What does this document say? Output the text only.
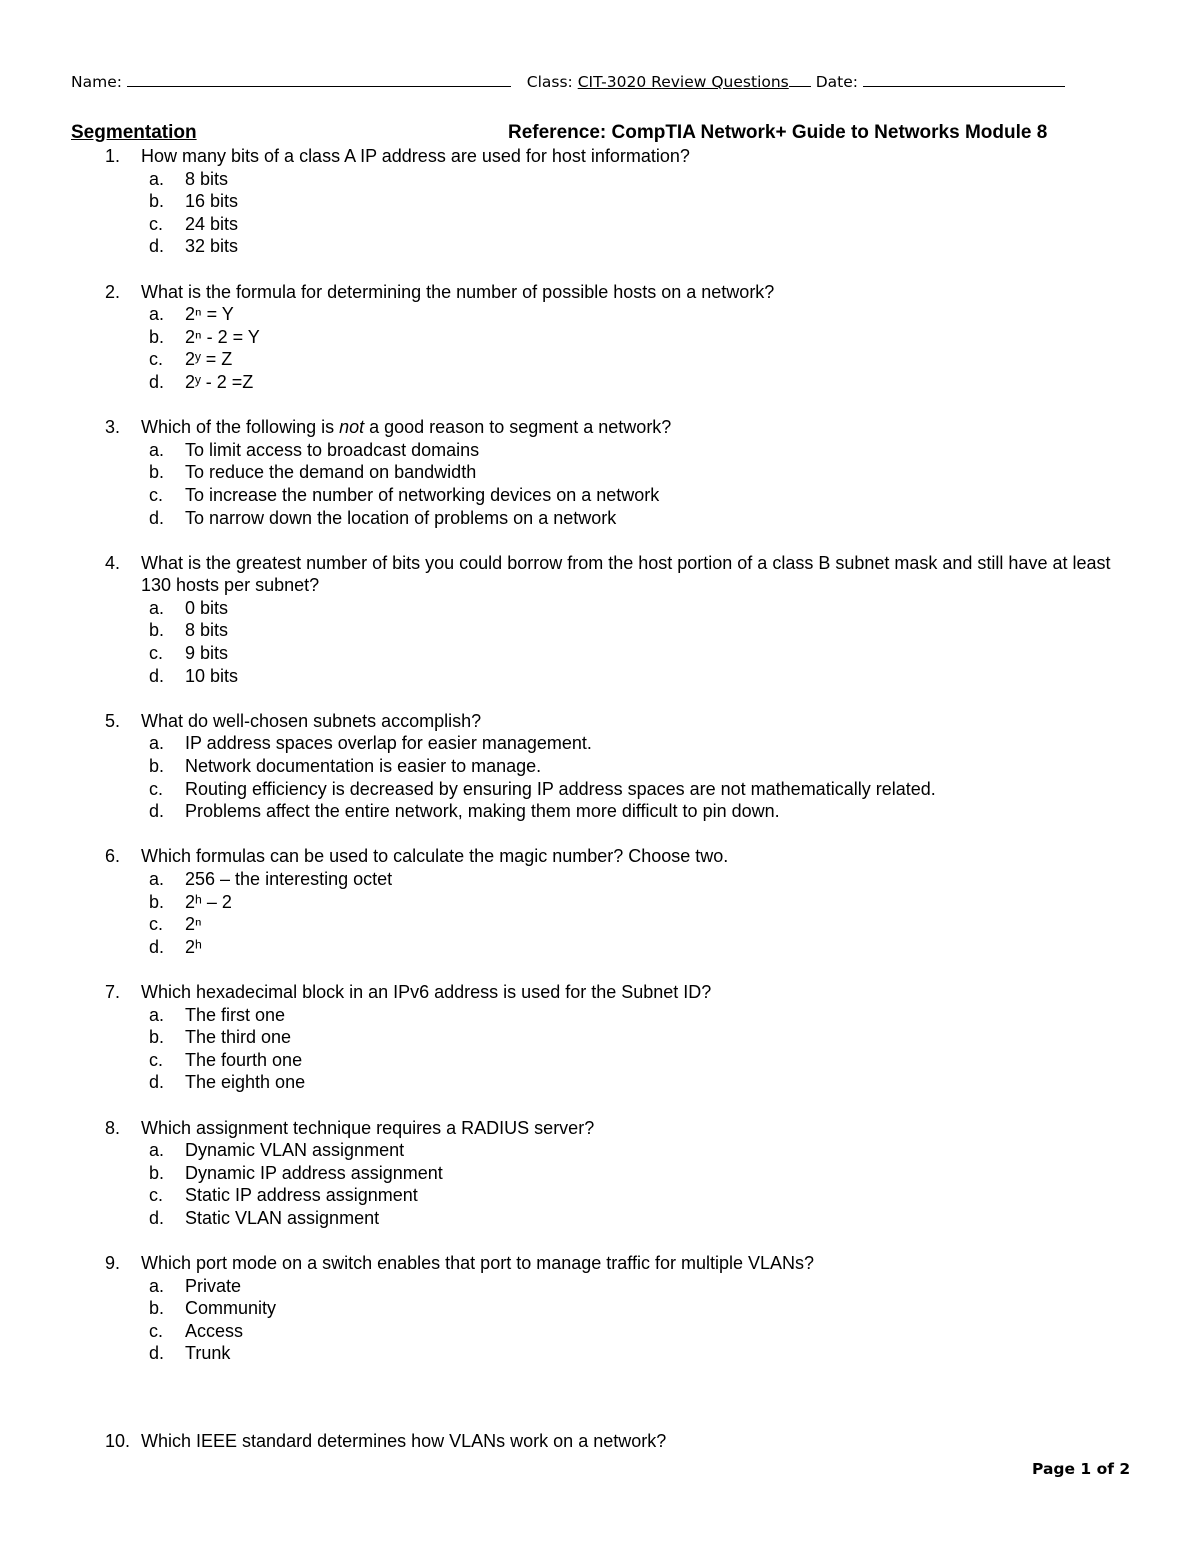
Name:	Class: CIT-3020 Review Questions Date:
Segmentation	Reference: CompTIA Network+ Guide to Networks Module 8
1. How many bits of a class A IP address are used for host information?
a. 8 bits
b. 16 bits
c. 24 bits
d. 32 bits
2. What is the formula for determining the number of possible hosts on a network?
a. 2ⁿ = Y
b. 2ⁿ - 2 = Y
c. 2ʸ = Z
d. 2ʸ - 2 =Z
3. Which of the following is not a good reason to segment a network?
a. To limit access to broadcast domains
b. To reduce the demand on bandwidth
c. To increase the number of networking devices on a network
d. To narrow down the location of problems on a network
4. What is the greatest number of bits you could borrow from the host portion of a class B subnet mask and still have at least 130 hosts per subnet?
a. 0 bits
b. 8 bits
c. 9 bits
d. 10 bits
5. What do well-chosen subnets accomplish?
a. IP address spaces overlap for easier management.
b. Network documentation is easier to manage.
c. Routing efficiency is decreased by ensuring IP address spaces are not mathematically related.
d. Problems affect the entire network, making them more difficult to pin down.
6. Which formulas can be used to calculate the magic number? Choose two.
a. 256 – the interesting octet
b. 2ʰ – 2
c. 2ⁿ
d. 2ʰ
7. Which hexadecimal block in an IPv6 address is used for the Subnet ID?
a. The first one
b. The third one
c. The fourth one
d. The eighth one
8. Which assignment technique requires a RADIUS server?
a. Dynamic VLAN assignment
b. Dynamic IP address assignment
c. Static IP address assignment
d. Static VLAN assignment
9. Which port mode on a switch enables that port to manage traffic for multiple VLANs?
a. Private
b. Community
c. Access
d. Trunk
10. Which IEEE standard determines how VLANs work on a network?
Page 1 of 2
